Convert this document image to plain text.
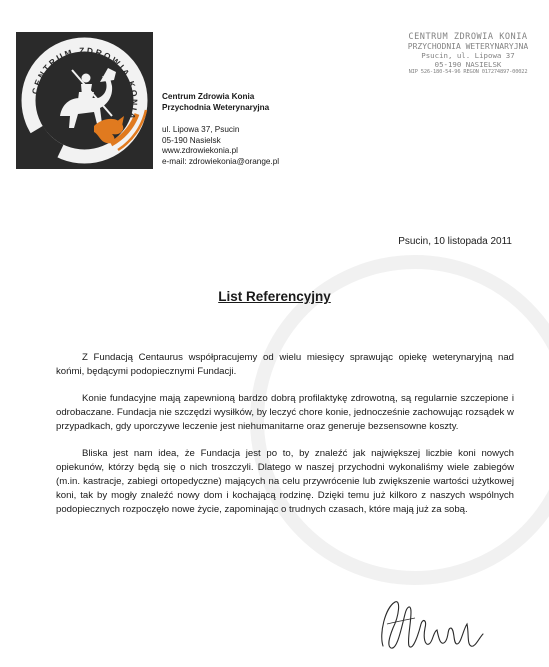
CENTRUM ZDROWIA KONIA
Centrum Zdrowia Konia
Przychodnia Weterynaryjna
ul. Lipowa 37, Psucin
05-190 Nasielsk
www.zdrowiekonia.pl
e-mail: zdrowiekonia@orange.pl
CENTRUM ZDROWIA KONIA
PRZYCHODNIA WETERYNARYJNA
Psucin, ul. Lipowa 37
05-190 NASIELSK
NIP 526-180-54-96 REGON 017274897-00022
Psucin, 10 listopada 2011
List Referencyjny

Z Fundacją Centaurus współpracujemy od wielu miesięcy sprawując opiekę weterynaryjną nad końmi, będącymi podopiecznymi Fundacji.

Konie fundacyjne mają zapewnioną bardzo dobrą profilaktykę zdrowotną, są regularnie szczepione i odrobaczane. Fundacja nie szczędzi wysiłków, by leczyć chore konie, jednocześnie zachowując rozsądek w przypadkach, gdy uporczywe leczenie jest niehumanitarne oraz generuje bezsensowne koszty.

Bliska jest nam idea, że Fundacja jest po to, by znaleźć jak największej liczbie koni nowych opiekunów, którzy będą się o nich troszczyli. Dlatego w naszej przychodni wykonaliśmy wiele zabiegów (m.in. kastracje, zabiegi ortopedyczne) mających na celu przywrócenie lub zwiększenie wartości użytkowej koni, tak by mogły znaleźć nowy dom i kochającą rodzinę. Dzięki temu już kilkoro z naszych wspólnych podopiecznych rozpoczęło nowe życie, zapominając o trudnych czasach, które mają już za sobą.
